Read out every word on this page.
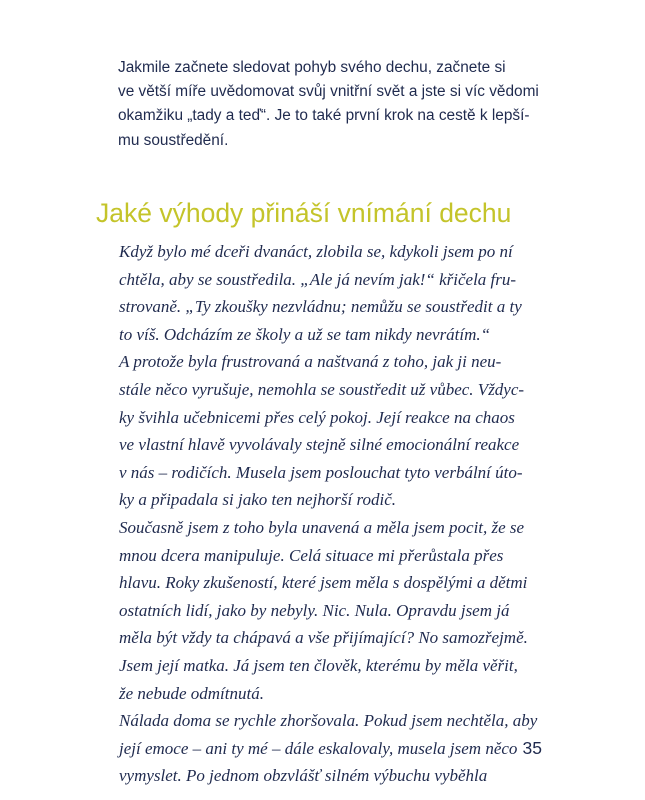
Jakmile začnete sledovat pohyb svého dechu, začnete si
ve větší míře uvědomovat svůj vnitřní svět a jste si víc vědomi
okamžiku „tady a teď“. Je to také první krok na cestě k lepší-
mu soustředění.

Jaké výhody přináší vnímání dechu

Když bylo mé dceři dvanáct, zlobila se, kdykoli jsem po ní
chtěla, aby se soustředila. „Ale já nevím jak!“ křičela fru-
strovaně. „Ty zkoušky nezvládnu; nemůžu se soustředit a ty
to víš. Odcházím ze školy a už se tam nikdy nevrátím.“
A protože byla frustrovaná a naštvaná z toho, jak ji neu-
stále něco vyrušuje, nemohla se soustředit už vůbec. Vždyc-
ky švihla učebnicemi přes celý pokoj. Její reakce na chaos
ve vlastní hlavě vyvolávaly stejně silné emocionální reakce
v nás – rodičích. Musela jsem poslouchat tyto verbální úto-
ky a připadala si jako ten nejhorší rodič.
Současně jsem z toho byla unavená a měla jsem pocit, že se
mnou dcera manipuluje. Celá situace mi přerůstala přes
hlavu. Roky zkušeností, které jsem měla s dospělými a dětmi
ostatních lidí, jako by nebyly. Nic. Nula. Opravdu jsem já
měla být vždy ta chápavá a vše přijímající? No samozřejmě.
Jsem její matka. Já jsem ten člověk, kterému by měla věřit,
že nebude odmítnutá.
Nálada doma se rychle zhoršovala. Pokud jsem nechtěla, aby
její emoce – ani ty mé – dále eskalovaly, musela jsem něco
vymyslet. Po jednom obzvlášť silném výbuchu vyběhla

35
